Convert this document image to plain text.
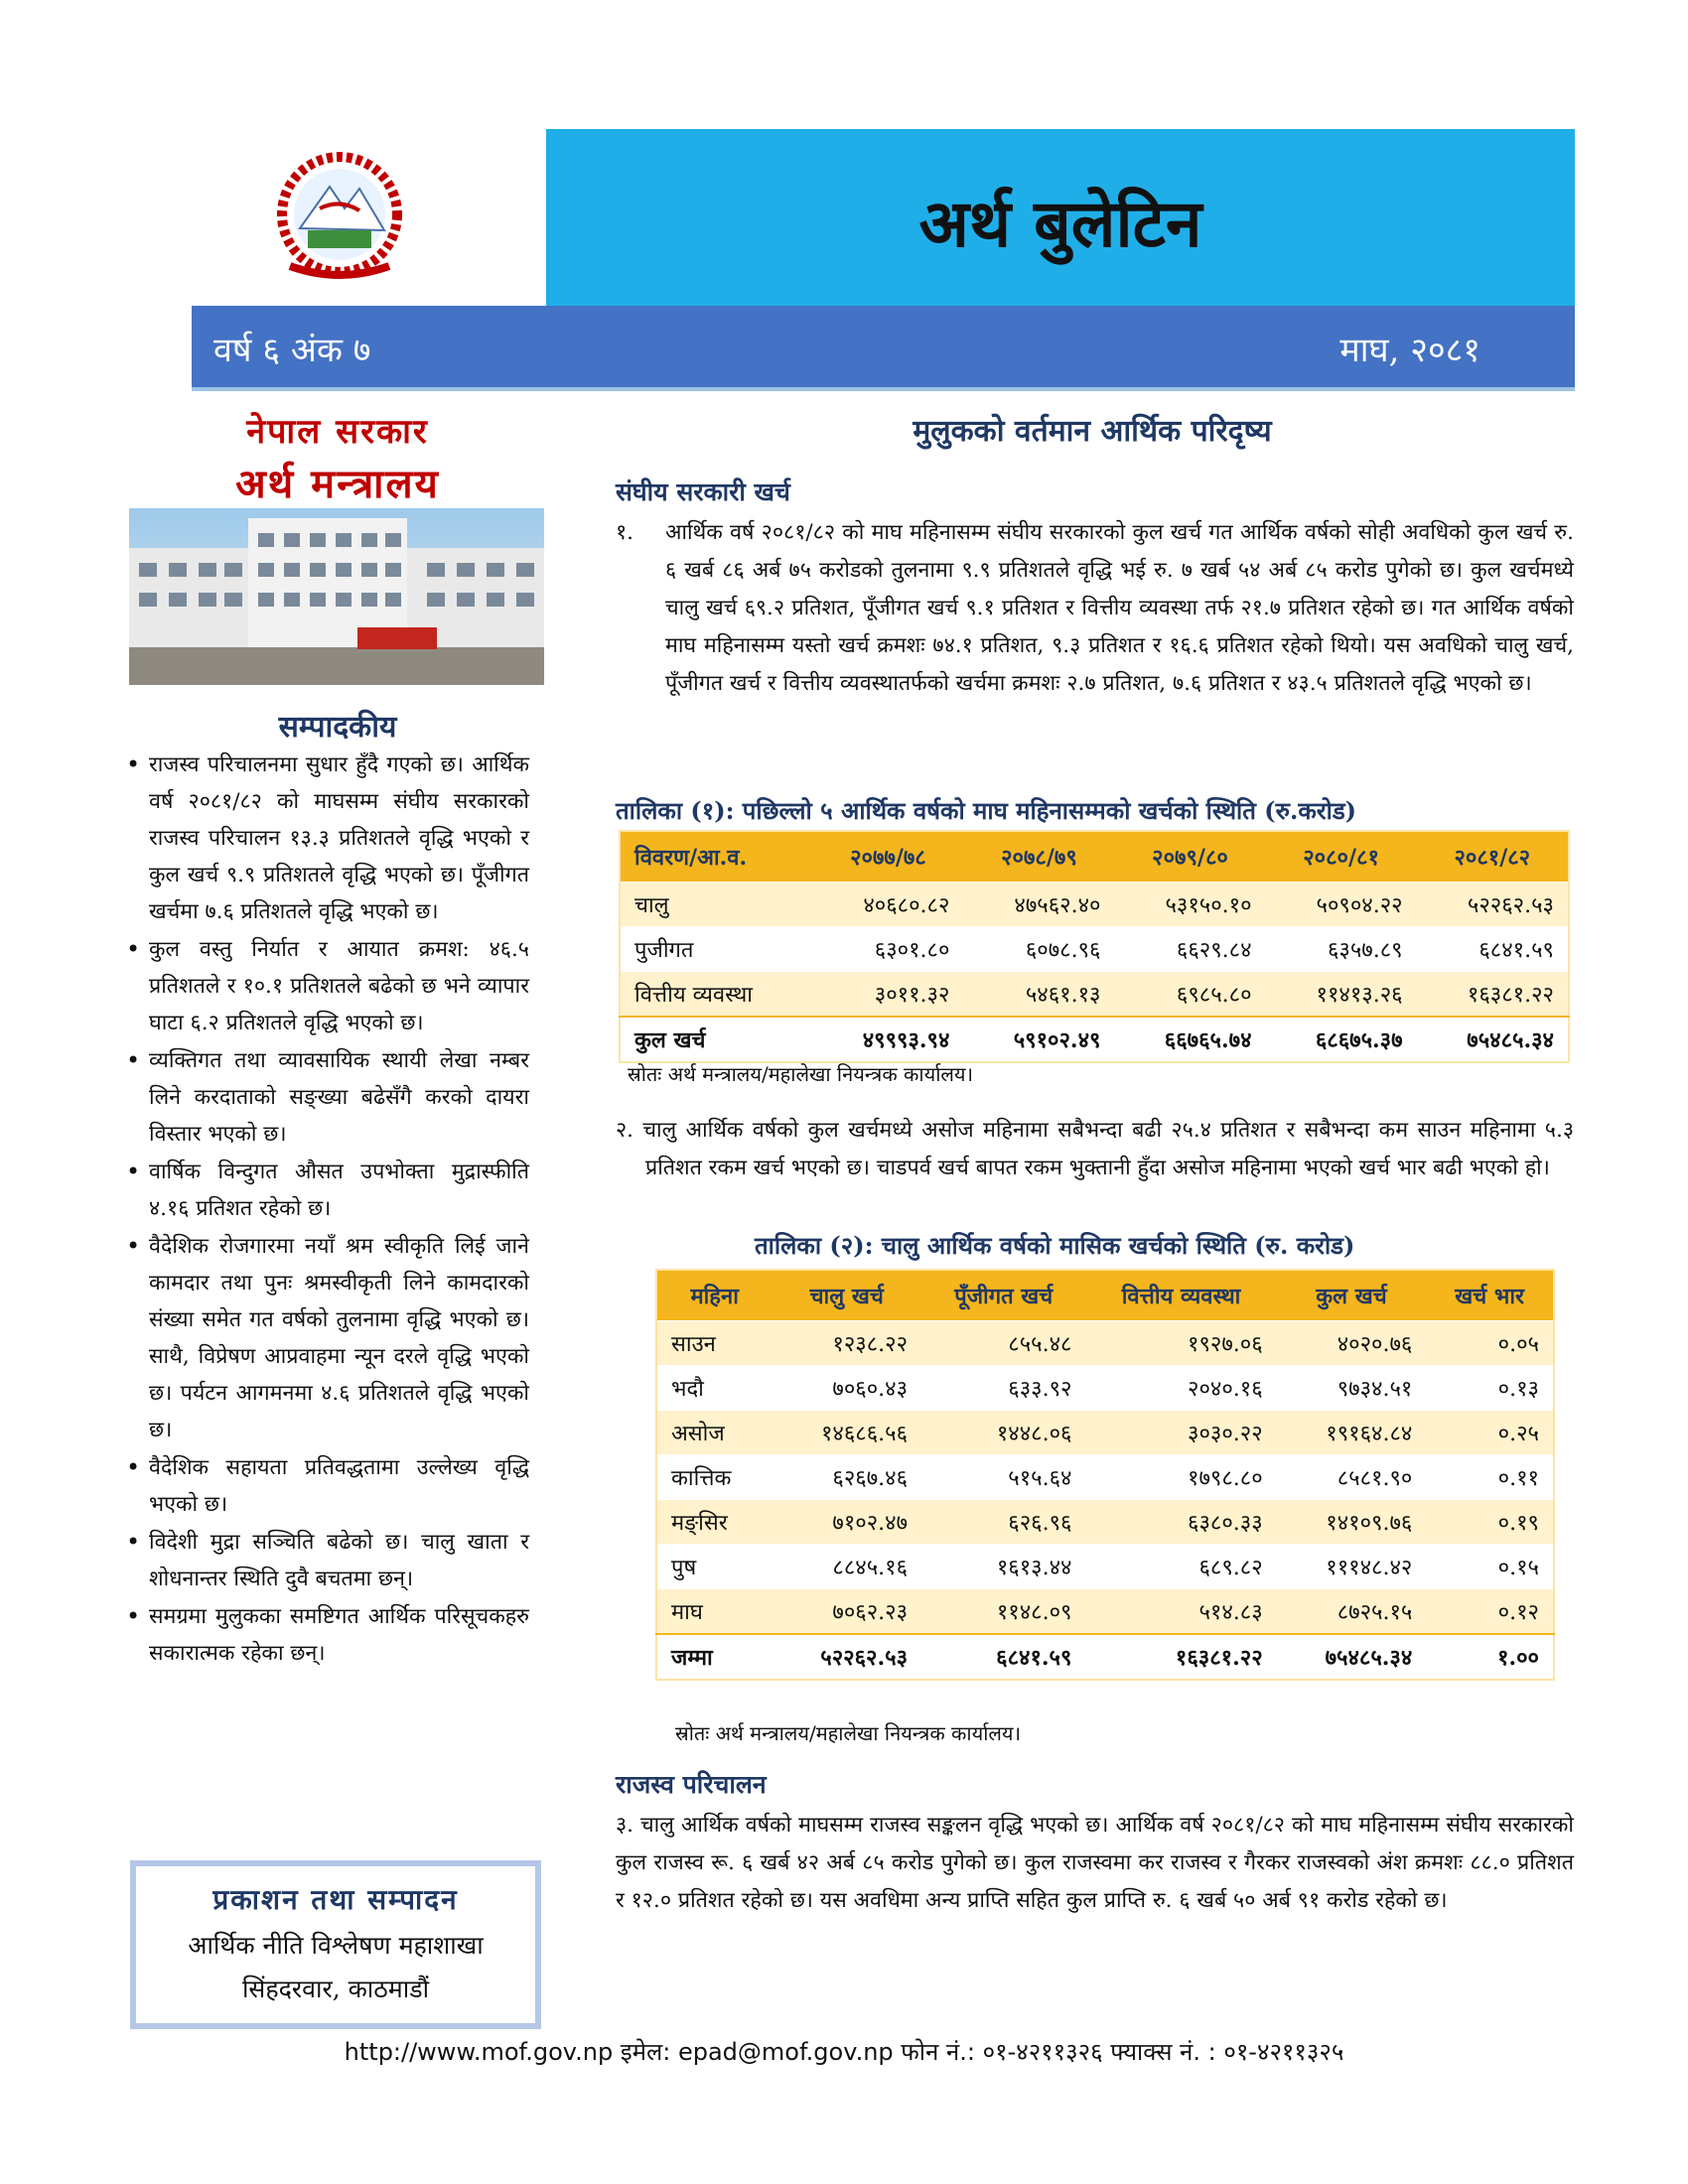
अर्थ बुलेटिन
वर्ष ६ अंक ७	माघ, २०८१
नेपाल सरकार
अर्थ मन्त्रालय
सम्पादकीय
• राजस्व परिचालनमा सुधार हुँदै गएको छ। आर्थिक वर्ष २०८१/८२ को माघसम्म संघीय सरकारको राजस्व परिचालन १३.३ प्रतिशतले वृद्धि भएको र कुल खर्च ९.९ प्रतिशतले वृद्धि भएको छ। पूँजीगत खर्चमा ७.६ प्रतिशतले वृद्धि भएको छ।
• कुल वस्तु निर्यात र आयात क्रमश: ४६.५ प्रतिशतले र १०.१ प्रतिशतले बढेको छ भने व्यापार घाटा ६.२ प्रतिशतले वृद्धि भएको छ।
• व्यक्तिगत तथा व्यावसायिक स्थायी लेखा नम्बर लिने करदाताको सङ्ख्या बढेसँगै करको दायरा विस्तार भएको छ।
• वार्षिक विन्दुगत औसत उपभोक्ता मुद्रास्फीति ४.१६ प्रतिशत रहेको छ।
• वैदेशिक रोजगारमा नयाँ श्रम स्वीकृति लिई जाने कामदार तथा पुनः श्रमस्वीकृती लिने कामदारको संख्या समेत गत वर्षको तुलनामा वृद्धि भएको छ। साथै, विप्रेषण आप्रवाहमा न्यून दरले वृद्धि भएको छ। पर्यटन आगमनमा ४.६ प्रतिशतले वृद्धि भएको छ।
• वैदेशिक सहायता प्रतिवद्धतामा उल्लेख्य वृद्धि भएको छ।
• विदेशी मुद्रा सञ्चिति बढेको छ। चालु खाता र शोधनान्तर स्थिति दुवै बचतमा छन्।
• समग्रमा मुलुकका समष्टिगत आर्थिक परिसूचकहरु सकारात्मक रहेका छन्।
प्रकाशन तथा सम्पादन
आर्थिक नीति विश्लेषण महाशाखा
सिंहदरवार, काठमाडौं
मुलुकको वर्तमान आर्थिक परिदृष्य
संघीय सरकारी खर्च
१. आर्थिक वर्ष २०८१/८२ को माघ महिनासम्म संघीय सरकारको कुल खर्च गत आर्थिक वर्षको सोही अवधिको कुल खर्च रु. ६ खर्ब ८६ अर्ब ७५ करोडको तुलनामा ९.९ प्रतिशतले वृद्धि भई रु. ७ खर्ब ५४ अर्ब ८५ करोड पुगेको छ। कुल खर्चमध्ये चालु खर्च ६९.२ प्रतिशत, पूँजीगत खर्च ९.१ प्रतिशत र वित्तीय व्यवस्था तर्फ २१.७ प्रतिशत रहेको छ। गत आर्थिक वर्षको माघ महिनासम्म यस्तो खर्च क्रमशः ७४.१ प्रतिशत, ९.३ प्रतिशत र १६.६ प्रतिशत रहेको थियो। यस अवधिको चालु खर्च, पूँजीगत खर्च र वित्तीय व्यवस्थातर्फको खर्चमा क्रमशः २.७ प्रतिशत, ७.६ प्रतिशत र ४३.५ प्रतिशतले वृद्धि भएको छ।
तालिका (१): पछिल्लो ५ आर्थिक वर्षको माघ महिनासम्मको खर्चको स्थिति (रु.करोड)
विवरण/आ.व.	२०७७/७८	२०७८/७९	२०७९/८०	२०८०/८१	२०८१/८२
चालु	४०६८०.८२	४७५६२.४०	५३१५०.१०	५०९०४.२२	५२२६२.५३
पुजीगत	६३०१.८०	६०७८.९६	६६२९.८४	६३५७.८९	६८४१.५९
वित्तीय व्यवस्था	३०११.३२	५४६१.१३	६९८५.८०	११४१३.२६	१६३८१.२२
कुल खर्च	४९९९३.९४	५९१०२.४९	६६७६५.७४	६८६७५.३७	७५४८५.३४
स्रोतः अर्थ मन्त्रालय/महालेखा नियन्त्रक कार्यालय।
२. चालु आर्थिक वर्षको कुल खर्चमध्ये असोज महिनामा सबैभन्दा बढी २५.४ प्रतिशत र सबैभन्दा कम साउन महिनामा ५.३ प्रतिशत रकम खर्च भएको छ। चाडपर्व खर्च बापत रकम भुक्तानी हुँदा असोज महिनामा भएको खर्च भार बढी भएको हो।
तालिका (२): चालु आर्थिक वर्षको मासिक खर्चको स्थिति (रु. करोड)
महिना	चालु खर्च	पूँजीगत खर्च	वित्तीय व्यवस्था	कुल खर्च	खर्च भार
साउन	१२३८.२२	८५५.४८	१९२७.०६	४०२०.७६	०.०५
भदौ	७०६०.४३	६३३.९२	२०४०.१६	९७३४.५१	०.१३
असोज	१४६८६.५६	१४४८.०६	३०३०.२२	१९१६४.८४	०.२५
कात्तिक	६२६७.४६	५१५.६४	१७९८.८०	८५८१.९०	०.११
मङ्सिर	७१०२.४७	६२६.९६	६३८०.३३	१४१०९.७६	०.१९
पुष	८८४५.१६	१६१३.४४	६८९.८२	१११४८.४२	०.१५
माघ	७०६२.२३	११४८.०९	५१४.८३	८७२५.१५	०.१२
जम्मा	५२२६२.५३	६८४१.५९	१६३८१.२२	७५४८५.३४	१.००
स्रोतः अर्थ मन्त्रालय/महालेखा नियन्त्रक कार्यालय।
राजस्व परिचालन
३. चालु आर्थिक वर्षको माघसम्म राजस्व सङ्कलन वृद्धि भएको छ। आर्थिक वर्ष २०८१/८२ को माघ महिनासम्म संघीय सरकारको कुल राजस्व रू. ६ खर्ब ४२ अर्ब ८५ करोड पुगेको छ। कुल राजस्वमा कर राजस्व र गैरकर राजस्वको अंश क्रमशः ८८.० प्रतिशत र १२.० प्रतिशत रहेको छ। यस अवधिमा अन्य प्राप्ति सहित कुल प्राप्ति रु. ६ खर्ब ५० अर्ब ९१ करोड रहेको छ।
http://www.mof.gov.np इमेल: epad@mof.gov.np फोन नं.: ०१-४२११३२६ फ्याक्स नं. : ०१-४२११३२५
